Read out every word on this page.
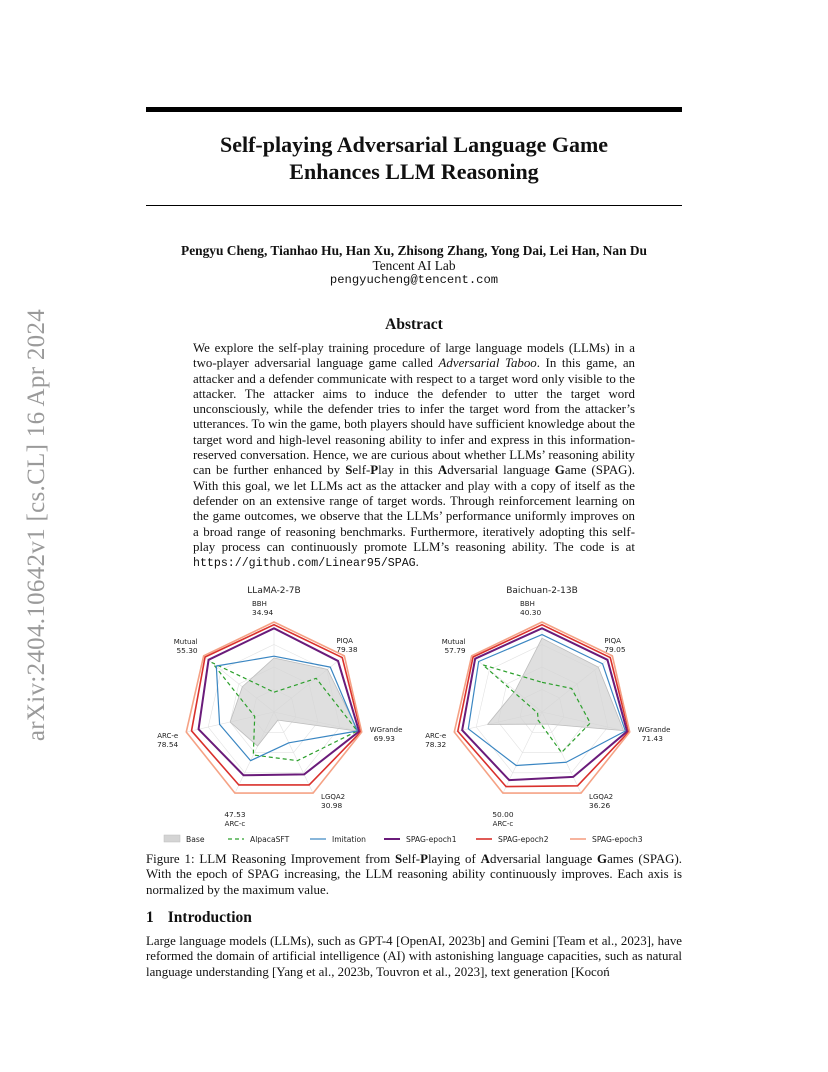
arXiv:2404.10642v1 [cs.CL] 16 Apr 2024
Self-playing Adversarial Language Game
Enhances LLM Reasoning
Pengyu Cheng, Tianhao Hu, Han Xu, Zhisong Zhang, Yong Dai, Lei Han, Nan Du
Tencent AI Lab
pengyucheng@tencent.com
Abstract
We explore the self-play training procedure of large language models (LLMs) in a two-player adversarial language game called Adversarial Taboo. In this game, an attacker and a defender communicate with respect to a target word only visible to the attacker. The attacker aims to induce the defender to utter the target word unconsciously, while the defender tries to infer the target word from the attacker’s utterances. To win the game, both players should have sufficient knowledge about the target word and high-level reasoning ability to infer and express in this information-reserved conversation. Hence, we are curious about whether LLMs’ reasoning ability can be further enhanced by Self-Play in this Adversarial language Game (SPAG). With this goal, we let LLMs act as the attacker and play with a copy of itself as the defender on an extensive range of target words. Through reinforcement learning on the game outcomes, we observe that the LLMs’ performance uniformly improves on a broad range of reasoning benchmarks. Furthermore, iteratively adopting this self-play process can continuously promote LLM’s reasoning ability. The code is at https://github.com/Linear95/SPAG.
LLaMA-2-7B
BBH
34.94
PIQA
79.38
WGrande
69.93
LGQA2
30.98
47.53
ARC-c
ARC-e
78.54
Mutual
55.30
Baichuan-2-13B
BBH
40.30
PIQA
79.05
WGrande
71.43
LGQA2
36.26
50.00
ARC-c
ARC-e
78.32
Mutual
57.79
Base	AlpacaSFT	Imitation	SPAG-epoch1	SPAG-epoch2	SPAG-epoch3
Figure 1: LLM Reasoning Improvement from Self-Playing of Adversarial language Games (SPAG). With the epoch of SPAG increasing, the LLM reasoning ability continuously improves. Each axis is normalized by the maximum value.
1 Introduction
Large language models (LLMs), such as GPT-4 [OpenAI, 2023b] and Gemini [Team et al., 2023], have reformed the domain of artificial intelligence (AI) with astonishing language capacities, such as natural language understanding [Yang et al., 2023b, Touvron et al., 2023], text generation [Kocoń
